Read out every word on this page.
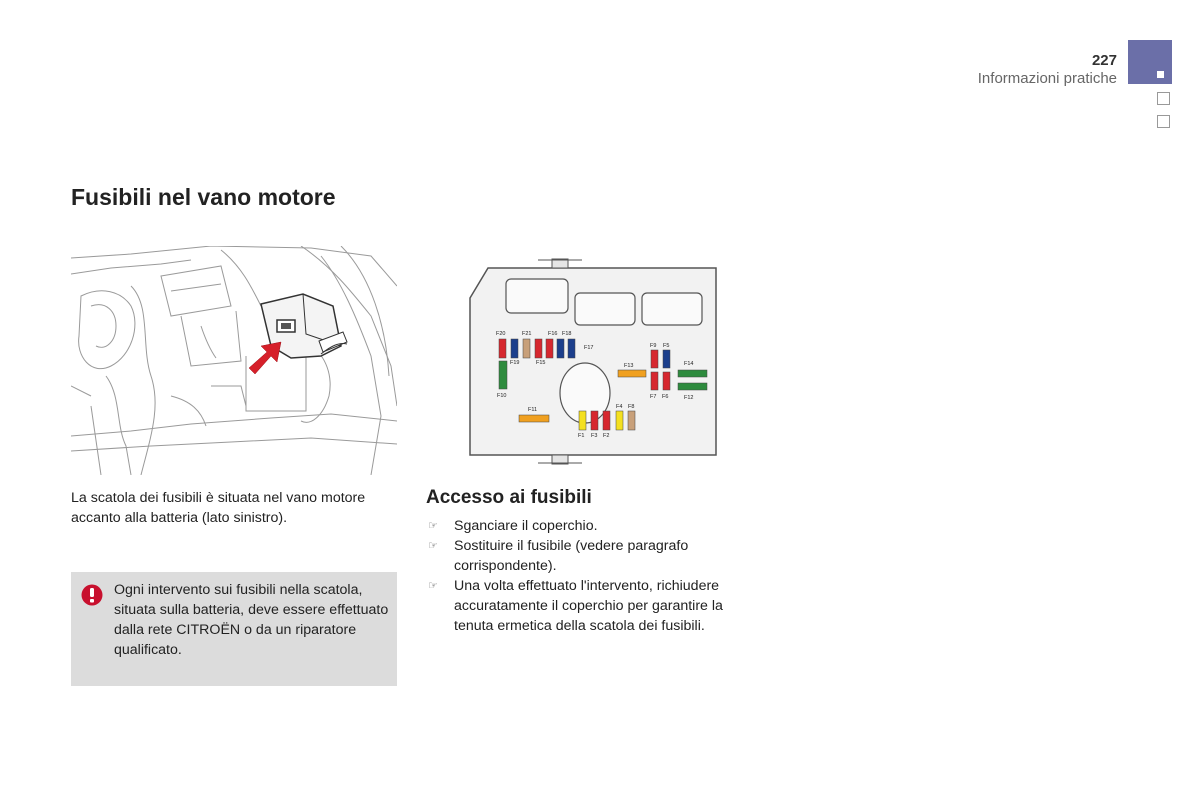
227
Informazioni pratiche
Fusibili nel vano motore
F20	F21	F16 F18
F17
F19	F15
F10
F13
F9 F5
F7 F6
F14
F12
F11	F4 F8
F1 F3 F2

La scatola dei fusibili è situata nel vano motore accanto alla batteria (lato sinistro).

Ogni intervento sui fusibili nella scatola, situata sulla batteria, deve essere effettuato dalla rete CITROËN o da un riparatore qualificato.

Accesso ai fusibili
☞ Sganciare il coperchio.
☞ Sostituire il fusibile (vedere paragrafo corrispondente).
☞ Una volta effettuato l'intervento, richiudere accuratamente il coperchio per garantire la tenuta ermetica della scatola dei fusibili.
